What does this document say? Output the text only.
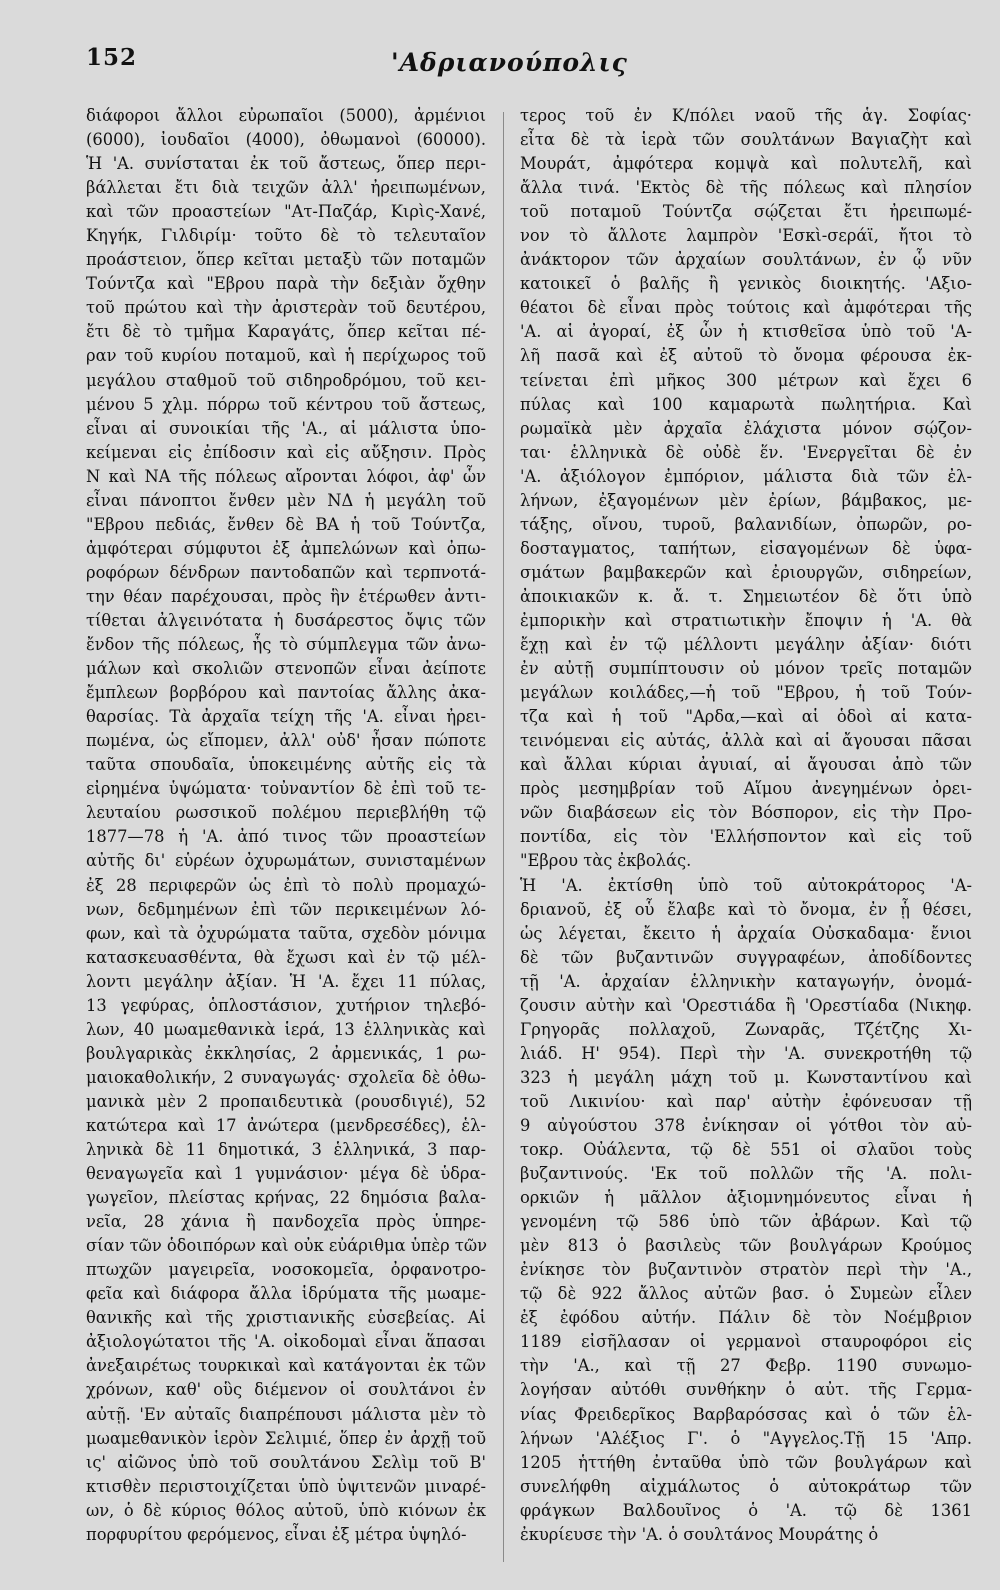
152	'Αδριανούπολις
διάφοροι ἄλλοι εὐρωπαῖοι (5000), ἀρμένιοι
(6000), ἰουδαῖοι (4000), ὀθωμανοὶ (60000).
Ἡ 'Α. συνίσταται ἐκ τοῦ ἄστεως, ὅπερ περι-
βάλλεται ἔτι διὰ τειχῶν ἀλλ' ἠρειπωμένων,
καὶ τῶν προαστείων "Ατ-Παζάρ, Κιρὶς-Χανέ,
Κηγήκ, Γιλδιρίμ· τοῦτο δὲ τὸ τελευταῖον
προάστειον, ὅπερ κεῖται μεταξὺ τῶν ποταμῶν
Τούντζα καὶ "Εβρου παρὰ τὴν δεξιὰν ὄχθην
τοῦ πρώτου καὶ τὴν ἀριστερὰν τοῦ δευτέρου,
ἔτι δὲ τὸ τμῆμα Καραγάτς, ὅπερ κεῖται πέ-
ραν τοῦ κυρίου ποταμοῦ, καὶ ἡ περίχωρος τοῦ
μεγάλου σταθμοῦ τοῦ σιδηροδρόμου, τοῦ κει-
μένου 5 χλμ. πόρρω τοῦ κέντρου τοῦ ἄστεως,
εἶναι αἱ συνοικίαι τῆς 'Α., αἱ μάλιστα ὑπο-
κείμεναι εἰς ἐπίδοσιν καὶ εἰς αὔξησιν. Πρὸς
Ν καὶ ΝΑ τῆς πόλεως αἴρονται λόφοι, ἀφ' ὧν
εἶναι πάνοπτοι ἔνθεν μὲν ΝΔ ἡ μεγάλη τοῦ
"Εβρου πεδιάς, ἔνθεν δὲ ΒΑ ἡ τοῦ Τούντζα,
ἀμφότεραι σύμφυτοι ἐξ ἀμπελώνων καὶ ὀπω-
ροφόρων δένδρων παντοδαπῶν καὶ τερπνοτά-
την θέαν παρέχουσαι, πρὸς ἣν ἑτέρωθεν ἀντι-
τίθεται ἀλγεινότατα ἡ δυσάρεστος ὄψις τῶν
ἔνδον τῆς πόλεως, ἧς τὸ σύμπλεγμα τῶν ἀνω-
μάλων καὶ σκολιῶν στενοπῶν εἶναι ἀείποτε
ἔμπλεων βορβόρου καὶ παντοίας ἄλλης ἀκα-
θαρσίας. Τὰ ἀρχαῖα τείχη τῆς 'Α. εἶναι ἠρει-
πωμένα, ὡς εἴπομεν, ἀλλ' οὐδ' ἦσαν πώποτε
ταῦτα σπουδαῖα, ὑποκειμένης αὐτῆς εἰς τὰ
εἰρημένα ὑψώματα· τοὐναντίον δὲ ἐπὶ τοῦ τε-
λευταίου ρωσσικοῦ πολέμου περιεβλήθη τῷ
1877—78 ἡ 'Α. ἀπό τινος τῶν προαστείων
αὐτῆς δι' εὑρέων ὀχυρωμάτων, συνισταμένων
ἐξ 28 περιφερῶν ὡς ἐπὶ τὸ πολὺ προμαχώ-
νων, δεδμημένων ἐπὶ τῶν περικειμένων λό-
φων, καὶ τὰ ὀχυρώματα ταῦτα, σχεδὸν μόνιμα
κατασκευασθέντα, θὰ ἔχωσι καὶ ἐν τῷ μέλ-
λοντι μεγάλην ἀξίαν. Ἡ 'Α. ἔχει 11 πύλας,
13 γεφύρας, ὁπλοστάσιον, χυτήριον τηλεβό-
λων, 40 μωαμεθανικὰ ἱερά, 13 ἑλληνικὰς καὶ
βουλγαρικὰς ἐκκλησίας, 2 ἀρμενικάς, 1 ρω-
μαιοκαθολικήν, 2 συναγωγάς· σχολεῖα δὲ ὀθω-
μανικὰ μὲν 2 προπαιδευτικὰ (ρουσδιγιέ), 52
κατώτερα καὶ 17 ἀνώτερα (μενδρεσέδες), ἑλ-
ληνικὰ δὲ 11 δημοτικά, 3 ἑλληνικά, 3 παρ-
θεναγωγεῖα καὶ 1 γυμνάσιον· μέγα δὲ ὑδρα-
γωγεῖον, πλείστας κρήνας, 22 δημόσια βαλα-
νεῖα, 28 χάνια ἢ πανδοχεῖα πρὸς ὑπηρε-
σίαν τῶν ὁδοιπόρων καὶ οὐκ εὐάριθμα ὑπὲρ τῶν
πτωχῶν μαγειρεῖα, νοσοκομεῖα, ὀρφανοτρο-
φεῖα καὶ διάφορα ἄλλα ἱδρύματα τῆς μωαμε-
θανικῆς καὶ τῆς χριστιανικῆς εὐσεβείας. Αἱ
ἀξιολογώτατοι τῆς 'Α. οἰκοδομαὶ εἶναι ἅπασαι
ἀνεξαιρέτως τουρκικαὶ καὶ κατάγονται ἐκ τῶν
χρόνων, καθ' οὓς διέμενον οἱ σουλτάνοι ἐν
αὐτῇ. 'Εν αὐταῖς διαπρέπουσι μάλιστα μὲν τὸ
μωαμεθανικὸν ἱερὸν Σελιμιέ, ὅπερ ἐν ἀρχῇ τοῦ
ις' αἰῶνος ὑπὸ τοῦ σουλτάνου Σελὶμ τοῦ Β'
κτισθὲν περιστοιχίζεται ὑπὸ ὑψιτενῶν μιναρέ-
ων, ὁ δὲ κύριος θόλος αὐτοῦ, ὑπὸ κιόνων ἐκ
πορφυρίτου φερόμενος, εἶναι ἐξ μέτρα ὑψηλό-
τερος τοῦ ἐν Κ/πόλει ναοῦ τῆς ἁγ. Σοφίας·
εἶτα δὲ τὰ ἱερὰ τῶν σουλτάνων Βαγιαζὴτ καὶ
Μουράτ, ἀμφότερα κομψὰ καὶ πολυτελῆ, καὶ
ἄλλα τινά. 'Εκτὸς δὲ τῆς πόλεως καὶ πλησίον
τοῦ ποταμοῦ Τούντζα σῴζεται ἔτι ἠρειπωμέ-
νον τὸ ἄλλοτε λαμπρὸν 'Εσκὶ-σεράϊ, ἤτοι τὸ
ἀνάκτορον τῶν ἀρχαίων σουλτάνων, ἐν ᾧ νῦν
κατοικεῖ ὁ βαλῆς ἢ γενικὸς διοικητής. 'Αξιο-
θέατοι δὲ εἶναι πρὸς τούτοις καὶ ἀμφότεραι τῆς
'Α. αἱ ἀγοραί, ἐξ ὧν ἡ κτισθεῖσα ὑπὸ τοῦ 'Α-
λῆ πασᾶ καὶ ἐξ αὐτοῦ τὸ ὄνομα φέρουσα ἐκ-
τείνεται ἐπὶ μῆκος 300 μέτρων καὶ ἔχει 6
πύλας καὶ 100 καμαρωτὰ πωλητήρια. Καὶ
ρωμαϊκὰ μὲν ἀρχαῖα ἐλάχιστα μόνον σῴζον-
ται· ἑλληνικὰ δὲ οὐδὲ ἕν. 'Ενεργεῖται δὲ ἐν
'Α. ἀξιόλογον ἐμπόριον, μάλιστα διὰ τῶν ἐλ-
λήνων, ἐξαγομένων μὲν ἐρίων, βάμβακος, με-
τάξης, οἴνου, τυροῦ, βαλανιδίων, ὀπωρῶν, ρο-
δοσταγματος, ταπήτων, εἰσαγομένων δὲ ὑφα-
σμάτων βαμβακερῶν καὶ ἐριουργῶν, σιδηρείων,
ἀποικιακῶν κ. ἄ. τ. Σημειωτέον δὲ ὅτι ὑπὸ
ἐμπορικὴν καὶ στρατιωτικὴν ἔποψιν ἡ 'Α. θὰ
ἔχῃ καὶ ἐν τῷ μέλλοντι μεγάλην ἀξίαν· διότι
ἐν αὐτῇ συμπίπτουσιν οὐ μόνον τρεῖς ποταμῶν
μεγάλων κοιλάδες,—ἡ τοῦ "Εβρου, ἡ τοῦ Τούν-
τζα καὶ ἡ τοῦ "Αρδα,—καὶ αἱ ὁδοὶ αἱ κατα-
τεινόμεναι εἰς αὐτάς, ἀλλὰ καὶ αἱ ἄγουσαι πᾶσαι
καὶ ἄλλαι κύριαι ἀγυιαί, αἱ ἄγουσαι ἀπὸ τῶν
πρὸς μεσημβρίαν τοῦ Αἵμου ἀνεγημένων ὀρει-
νῶν διαβάσεων εἰς τὸν Βόσπορον, εἰς τὴν Προ-
ποντίδα, εἰς τὸν 'Ελλήσποντον καὶ εἰς τοῦ
"Εβρου τὰς ἐκβολάς.
Ἡ 'Α. ἐκτίσθη ὑπὸ τοῦ αὐτοκράτορος 'Α-
δριανοῦ, ἐξ οὗ ἔλαβε καὶ τὸ ὄνομα, ἐν ᾗ θέσει,
ὡς λέγεται, ἔκειτο ἡ ἀρχαία Οὐσκαδαμα· ἔνιοι
δὲ τῶν βυζαντινῶν συγγραφέων, ἀποδίδοντες
τῇ 'Α. ἀρχαίαν ἑλληνικὴν καταγωγήν, ὀνομά-
ζουσιν αὐτὴν καὶ 'Ορεστιάδα ἢ 'Ορεστίαδα (Νικηφ.
Γρηγορᾶς πολλαχοῦ, Ζωναρᾶς, Τζέτζης Χι-
λιάδ. Η' 954). Περὶ τὴν 'Α. συνεκροτήθη τῷ
323 ἡ μεγάλη μάχη τοῦ μ. Κωνσταντίνου καὶ
τοῦ Λικινίου· καὶ παρ' αὐτὴν ἐφόνευσαν τῇ
9 αὐγούστου 378 ἐνίκησαν οἱ γότθοι τὸν αὐ-
τοκρ. Οὐάλεντα, τῷ δὲ 551 οἱ σλαῦοι τοὺς
βυζαντινούς. 'Εκ τοῦ πολλῶν τῆς 'Α. πολι-
ορκιῶν ἡ μᾶλλον ἀξιομνημόνευτος εἶναι ἡ
γενομένη τῷ 586 ὑπὸ τῶν ἀβάρων. Καὶ τῷ
μὲν 813 ὁ βασιλεὺς τῶν βουλγάρων Κρούμος
ἐνίκησε τὸν βυζαντινὸν στρατὸν περὶ τὴν 'Α.,
τῷ δὲ 922 ἄλλος αὐτῶν βασ. ὁ Συμεὼν εἷλεν
ἐξ ἐφόδου αὐτήν. Πάλιν δὲ τὸν Νοέμβριον
1189 εἰσῆλασαν οἱ γερμανοὶ σταυροφόροι εἰς
τὴν 'Α., καὶ τῇ 27 Φεβρ. 1190 συνωμο-
λογήσαν αὐτόθι συνθήκην ὁ αὐτ. τῆς Γερμα-
νίας Φρειδερῖκος Βαρβαρόσσας καὶ ὁ τῶν ἑλ-
λήνων 'Αλέξιος Γ'. ὁ "Αγγελος.Τῇ 15 'Απρ.
1205 ἡττήθη ἐνταῦθα ὑπὸ τῶν βουλγάρων καὶ
συνελήφθη αἰχμάλωτος ὁ αὐτοκράτωρ τῶν
φράγκων Βαλδουῖνος ὁ 'Α. τῷ δὲ 1361
ἐκυρίευσε τὴν 'Α. ὁ σουλτάνος Μουράτης ὁ
